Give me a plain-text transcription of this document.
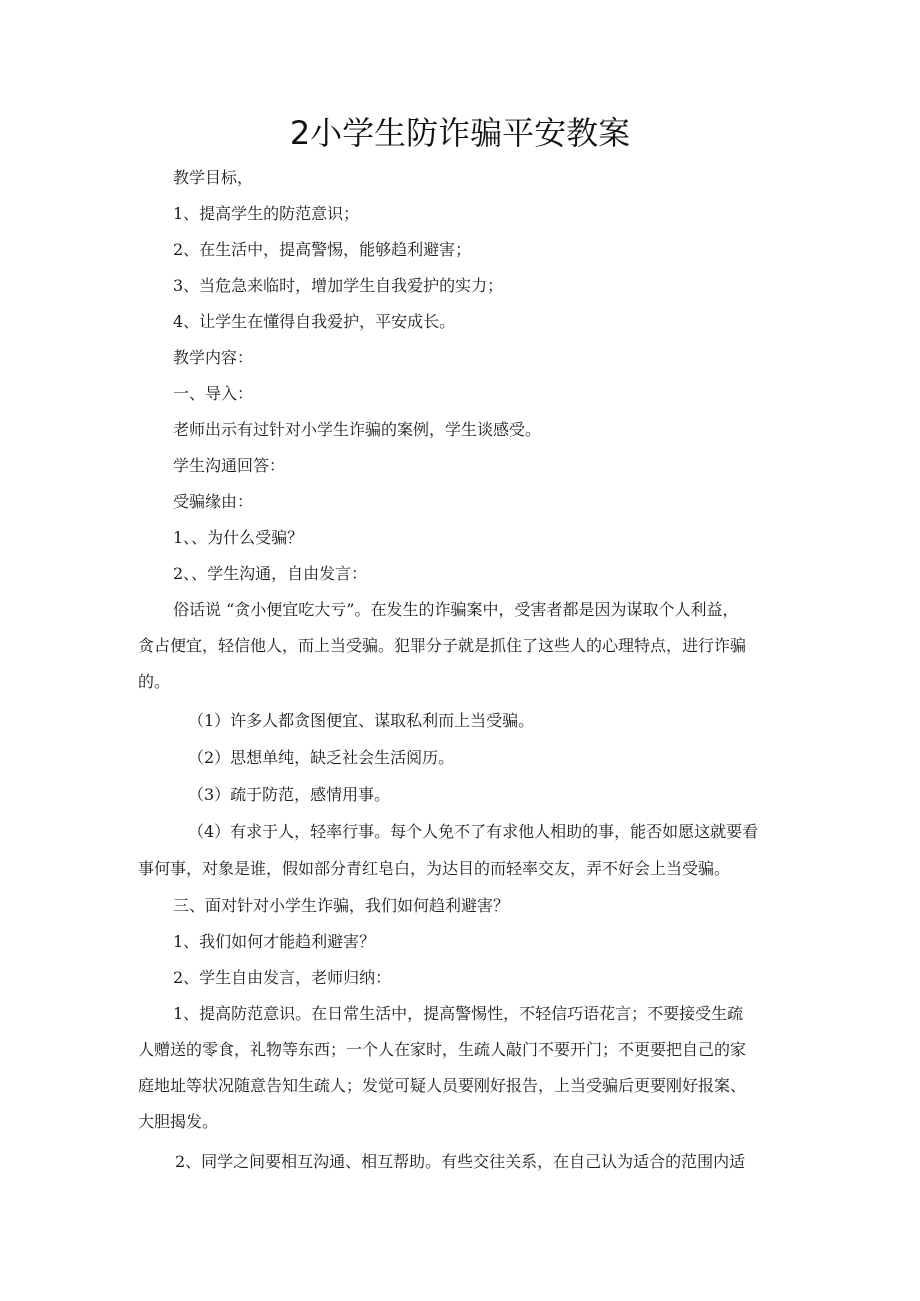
2小学生防诈骗平安教案
教学目标，
1、提高学生的防范意识；
2、在生活中，提高警惕，能够趋利避害；
3、当危急来临时，增加学生自我爱护的实力；
4、让学生在懂得自我爱护，平安成长。
教学内容：
一、导入：
老师出示有过针对小学生诈骗的案例，学生谈感受。
学生沟通回答：
受骗缘由：
1、、为什么受骗？
2、、学生沟通，自由发言：
俗话说 “贪小便宜吃大亏”。在发生的诈骗案中，受害者都是因为谋取个人利益，
贪占便宜，轻信他人，而上当受骗。犯罪分子就是抓住了这些人的心理特点，进行诈骗
的。
（1）许多人都贪图便宜、谋取私利而上当受骗。
（2）思想单纯，缺乏社会生活阅历。
（3）疏于防范，感情用事。
（4）有求于人，轻率行事。每个人免不了有求他人相助的事，能否如愿这就要看
事何事，对象是谁，假如部分青红皂白，为达目的而轻率交友，弄不好会上当受骗。
三、面对针对小学生诈骗，我们如何趋利避害？
1、我们如何才能趋利避害？
2、学生自由发言，老师归纳：
1、提高防范意识。在日常生活中，提高警惕性，不轻信巧语花言；不要接受生疏
人赠送的零食，礼物等东西；一个人在家时，生疏人敲门不要开门；不更要把自己的家
庭地址等状况随意告知生疏人；发觉可疑人员要刚好报告，上当受骗后更要刚好报案、
大胆揭发。
2、同学之间要相互沟通、相互帮助。有些交往关系，在自己认为适合的范围内适
